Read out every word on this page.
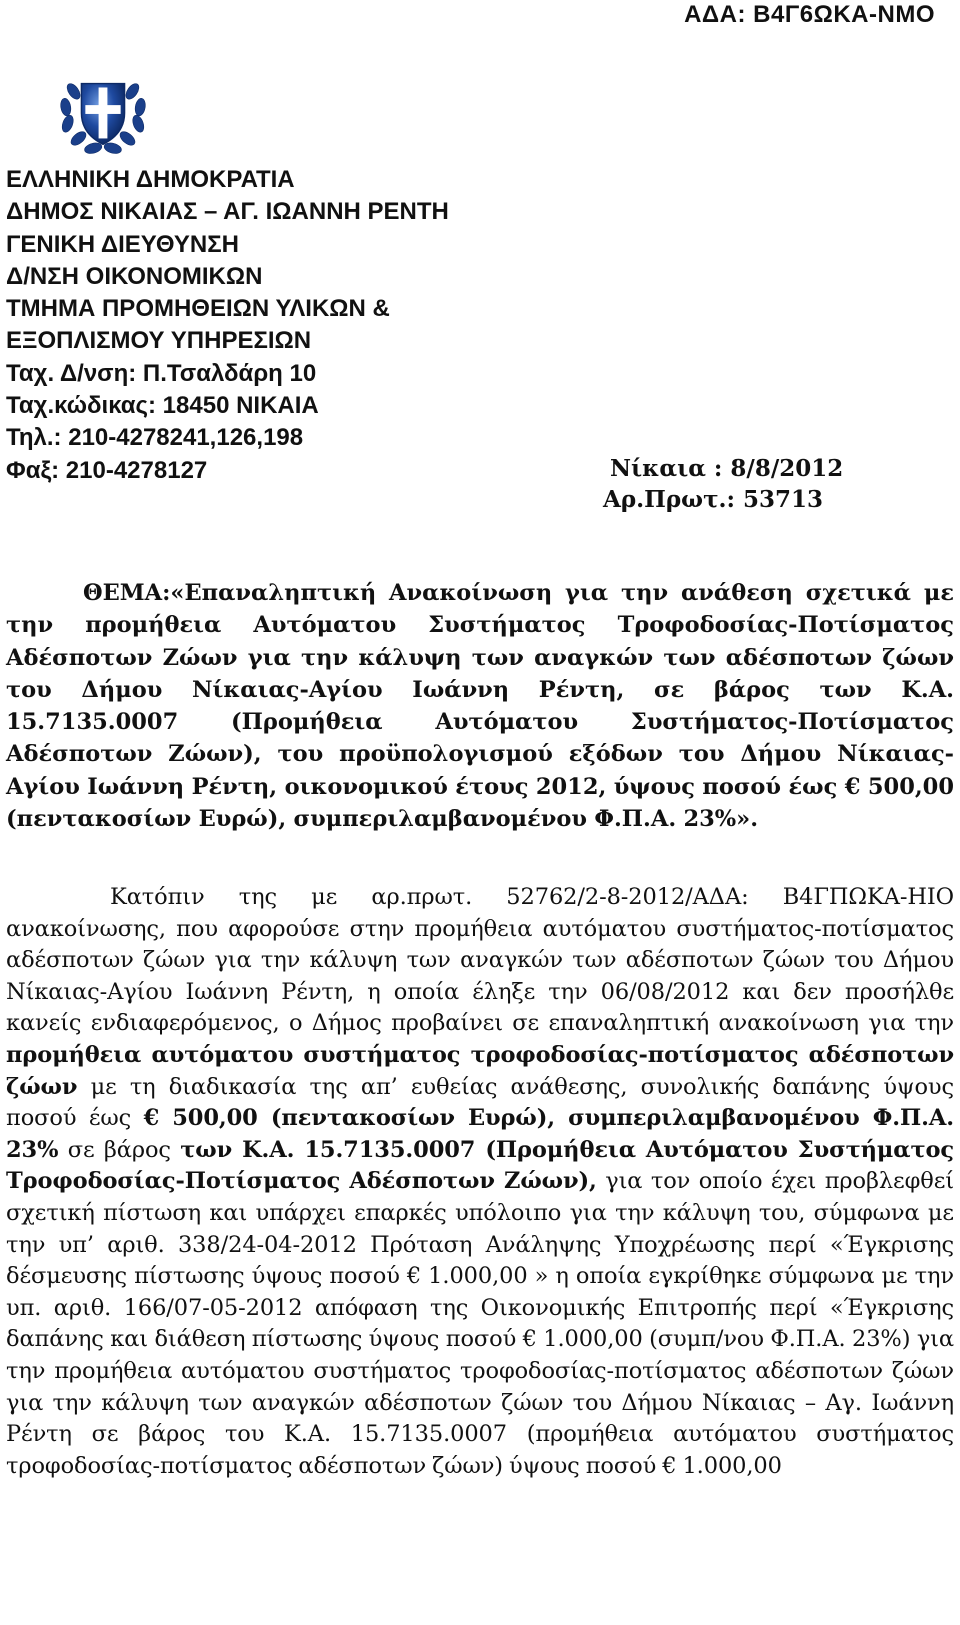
ΑΔΑ: Β4Γ6ΩΚΑ-ΝΜΟ
ΕΛΛΗΝΙΚΗ ΔΗΜΟΚΡΑΤΙΑ
ΔΗΜΟΣ ΝΙΚΑΙΑΣ – ΑΓ. ΙΩΑΝΝΗ ΡΕΝΤΗ
ΓΕΝΙΚΗ ΔΙΕΥΘΥΝΣΗ
Δ/ΝΣΗ ΟΙΚΟΝΟΜΙΚΩΝ
ΤΜΗΜΑ ΠΡΟΜΗΘΕΙΩΝ ΥΛΙΚΩΝ &
ΕΞΟΠΛΙΣΜΟΥ ΥΠΗΡΕΣΙΩΝ
Ταχ. Δ/νση: Π.Τσαλδάρη 10
Ταχ.κώδικας: 18450 ΝΙΚΑΙΑ
Τηλ.: 210-4278241,126,198
Φαξ: 210-4278127	Νίκαια : 8/8/2012
Αρ.Πρωτ.: 53713
ΘΕΜΑ:«Επαναληπτική Ανακοίνωση για την ανάθεση σχετικά με την προμήθεια Αυτόματου Συστήματος Τροφοδοσίας-Ποτίσματος Αδέσποτων Ζώων για την κάλυψη των αναγκών των αδέσποτων ζώων του Δήμου Νίκαιας-Αγίου Ιωάννη Ρέντη, σε βάρος των Κ.Α. 15.7135.0007 (Προμήθεια Αυτόματου Συστήματος-Ποτίσματος Αδέσποτων Ζώων), του προϋπολογισμού εξόδων του Δήμου Νίκαιας-Αγίου Ιωάννη Ρέντη, οικονομικού έτους 2012, ύψους ποσού έως € 500,00 (πεντακοσίων Ευρώ), συμπεριλαμβανομένου Φ.Π.Α. 23%».
Κατόπιν της με αρ.πρωτ. 52762/2-8-2012/ΑΔΑ: Β4ΓΠΩΚΑ-ΗΙΟ ανακοίνωσης, που αφορούσε στην προμήθεια αυτόματου συστήματος-ποτίσματος αδέσποτων ζώων για την κάλυψη των αναγκών των αδέσποτων ζώων του Δήμου Νίκαιας-Αγίου Ιωάννη Ρέντη, η οποία έληξε την 06/08/2012 και δεν προσήλθε κανείς ενδιαφερόμενος, ο Δήμος προβαίνει σε επαναληπτική ανακοίνωση για την προμήθεια αυτόματου συστήματος τροφοδοσίας-ποτίσματος αδέσποτων ζώων με τη διαδικασία της απ’ ευθείας ανάθεσης, συνολικής δαπάνης ύψους ποσού έως € 500,00 (πεντακοσίων Ευρώ), συμπεριλαμβανομένου Φ.Π.Α. 23% σε βάρος των Κ.Α. 15.7135.0007 (Προμήθεια Αυτόματου Συστήματος Τροφοδοσίας-Ποτίσματος Αδέσποτων Ζώων), για τον οποίο έχει προβλεφθεί σχετική πίστωση και υπάρχει επαρκές υπόλοιπο για την κάλυψη του, σύμφωνα με την υπ’ αριθ. 338/24-04-2012 Πρόταση Ανάληψης Υποχρέωσης περί «Έγκρισης δέσμευσης πίστωσης ύψους ποσού € 1.000,00 » η οποία εγκρίθηκε σύμφωνα με την υπ. αριθ. 166/07-05-2012 απόφαση της Οικονομικής Επιτροπής περί «Έγκρισης δαπάνης και διάθεση πίστωσης ύψους ποσού € 1.000,00 (συμπ/νου Φ.Π.Α. 23%) για την προμήθεια αυτόματου συστήματος τροφοδοσίας-ποτίσματος αδέσποτων ζώων για την κάλυψη των αναγκών αδέσποτων ζώων του Δήμου Νίκαιας – Αγ. Ιωάννη Ρέντη σε βάρος του Κ.Α. 15.7135.0007 (προμήθεια αυτόματου συστήματος τροφοδοσίας-ποτίσματος αδέσποτων ζώων) ύψους ποσού € 1.000,00
